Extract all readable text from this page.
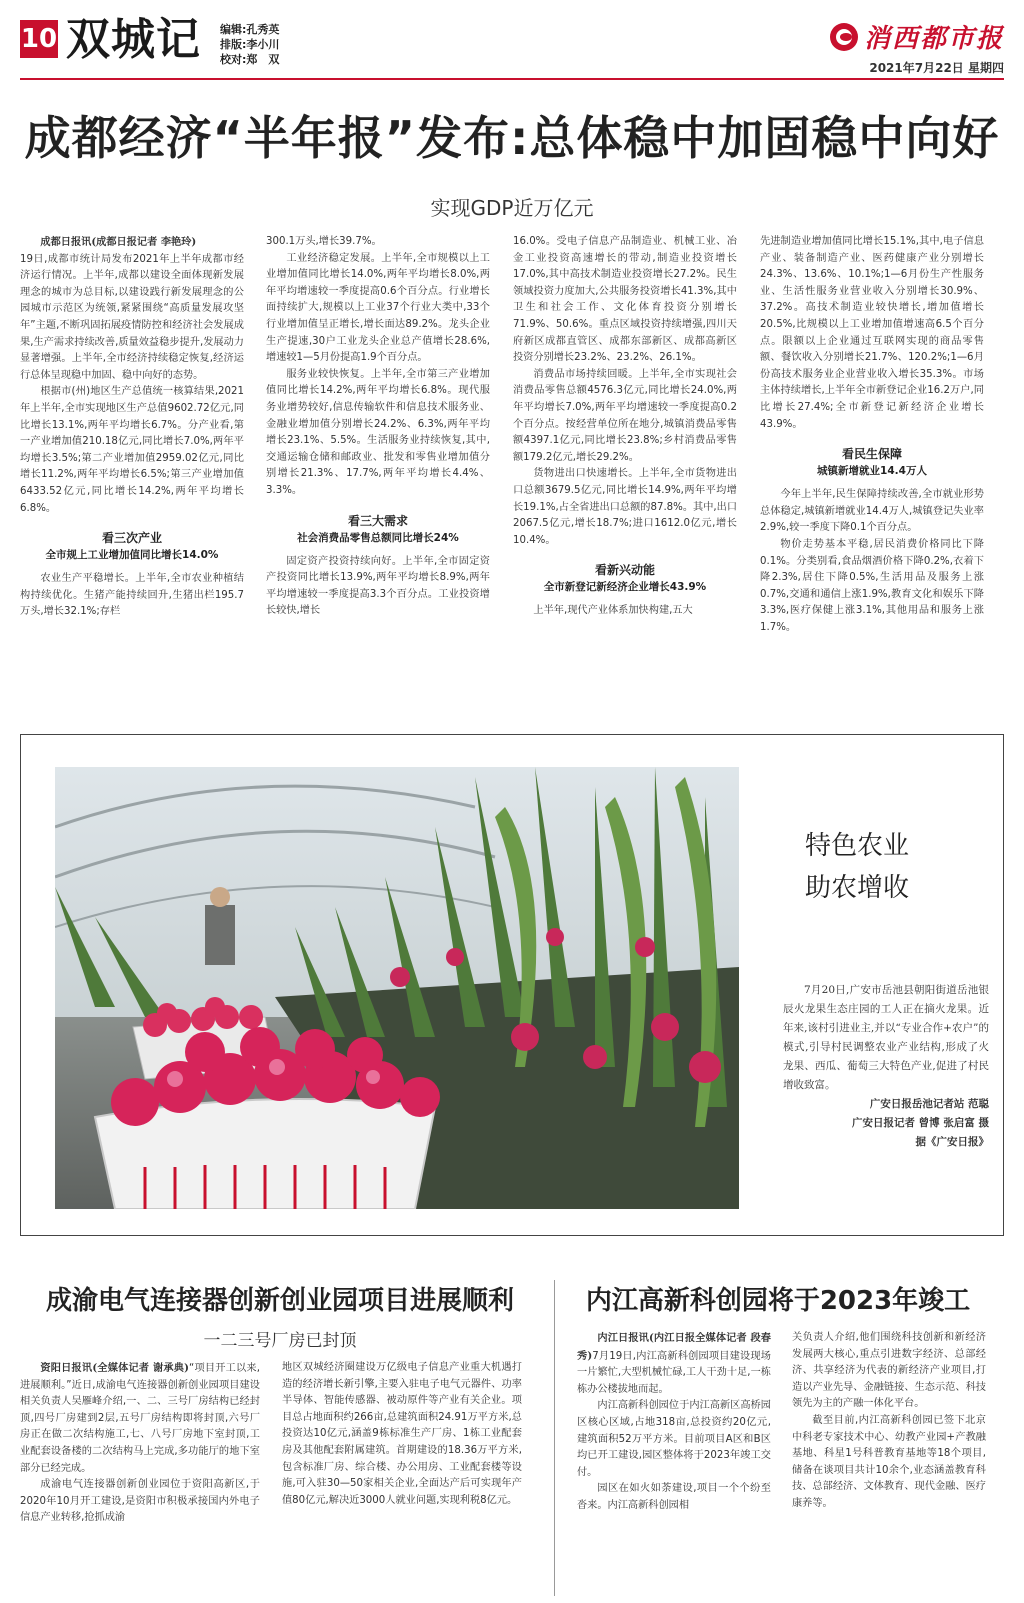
10 双城记 编辑:孔秀英
排版:李小川
校对:郑　双
消西都市报
2021年7月22日 星期四
成都经济“半年报”发布:总体稳中加固稳中向好
实现GDP近万亿元

成都日报讯(成都日报记者 李艳玲)

19日,成都市统计局发布2021年上半年成都市经济运行情况。上半年,成都以建设全面体现新发展理念的城市为总目标,以建设践行新发展理念的公园城市示范区为统领,紧紧围绕“高质量发展攻坚年”主题,不断巩固拓展疫情防控和经济社会发展成果,生产需求持续改善,质量效益稳步提升,发展动力显著增强。上半年,全市经济持续稳定恢复,经济运行总体呈现稳中加固、稳中向好的态势。

根据市(州)地区生产总值统一核算结果,2021年上半年,全市实现地区生产总值9602.72亿元,同比增长13.1%,两年平均增长6.7%。分产业看,第一产业增加值210.18亿元,同比增长7.0%,两年平均增长3.5%;第二产业增加值2959.02亿元,同比增长11.2%,两年平均增长6.5%;第三产业增加值6433.52亿元,同比增长14.2%,两年平均增长6.8%。

看三次产业
全市规上工业增加值同比增长14.0%

农业生产平稳增长。上半年,全市农业种植结构持续优化。生猪产能持续回升,生猪出栏195.7万头,增长32.1%;存栏

300.1万头,增长39.7%。

工业经济稳定发展。上半年,全市规模以上工业增加值同比增长14.0%,两年平均增长8.0%,两年平均增速较一季度提高0.6个百分点。行业增长面持续扩大,规模以上工业37个行业大类中,33个行业增加值呈正增长,增长面达89.2%。龙头企业生产提速,30户工业龙头企业总产值增长28.6%,增速较1—5月份提高1.9个百分点。

服务业较快恢复。上半年,全市第三产业增加值同比增长14.2%,两年平均增长6.8%。现代服务业增势较好,信息传输软件和信息技术服务业、金融业增加值分别增长24.2%、6.3%,两年平均增长23.1%、5.5%。生活服务业持续恢复,其中,交通运输仓储和邮政业、批发和零售业增加值分别增长21.3%、17.7%,两年平均增长4.4%、3.3%。

看三大需求
社会消费品零售总额同比增长24%

固定资产投资持续向好。上半年,全市固定资产投资同比增长13.9%,两年平均增长8.9%,两年平均增速较一季度提高3.3个百分点。工业投资增长较快,增长

16.0%。受电子信息产品制造业、机械工业、冶金工业投资高速增长的带动,制造业投资增长17.0%,其中高技术制造业投资增长27.2%。民生领域投资力度加大,公共服务投资增长41.3%,其中卫生和社会工作、文化体育投资分别增长71.9%、50.6%。重点区域投资持续增强,四川天府新区成都直管区、成都东部新区、成都高新区投资分别增长23.2%、23.2%、26.1%。

消费品市场持续回暖。上半年,全市实现社会消费品零售总额4576.3亿元,同比增长24.0%,两年平均增长7.0%,两年平均增速较一季度提高0.2个百分点。按经营单位所在地分,城镇消费品零售额4397.1亿元,同比增长23.8%;乡村消费品零售额179.2亿元,增长29.2%。

货物进出口快速增长。上半年,全市货物进出口总额3679.5亿元,同比增长14.9%,两年平均增长19.1%,占全省进出口总额的87.8%。其中,出口2067.5亿元,增长18.7%;进口1612.0亿元,增长10.4%。

看新兴动能
全市新登记新经济企业增长43.9%

上半年,现代产业体系加快构建,五大

先进制造业增加值同比增长15.1%,其中,电子信息产业、装备制造产业、医药健康产业分别增长24.3%、13.6%、10.1%;1—6月份生产性服务业、生活性服务业营业收入分别增长30.9%、37.2%。高技术制造业较快增长,增加值增长20.5%,比规模以上工业增加值增速高6.5个百分点。限额以上企业通过互联网实现的商品零售额、餐饮收入分别增长21.7%、120.2%;1—6月份高技术服务业企业营业收入增长35.3%。市场主体持续增长,上半年全市新登记企业16.2万户,同比增长27.4%;全市新登记新经济企业增长43.9%。

看民生保障
城镇新增就业14.4万人

今年上半年,民生保障持续改善,全市就业形势总体稳定,城镇新增就业14.4万人,城镇登记失业率2.9%,较一季度下降0.1个百分点。

物价走势基本平稳,居民消费价格同比下降0.1%。分类别看,食品烟酒价格下降0.2%,衣着下降2.3%,居住下降0.5%,生活用品及服务上涨0.7%,交通和通信上涨1.9%,教育文化和娱乐下降3.3%,医疗保健上涨3.1%,其他用品和服务上涨1.7%。

特色农业
助农增收

7月20日,广安市岳池县朝阳街道岳池银辰火龙果生态庄园的工人正在摘火龙果。近年来,该村引进业主,并以“专业合作+农户”的模式,引导村民调整农业产业结构,形成了火龙果、西瓜、葡萄三大特色产业,促进了村民增收致富。

广安日报岳池记者站 范聪

广安日报记者 曾博 张启富 摄

据《广安日报》

成渝电气连接器创新创业园项目进展顺利
一二三号厂房已封顶

资阳日报讯(全媒体记者 谢承典)“项目开工以来,进展顺利。”近日,成渝电气连接器创新创业园项目建设相关负责人吴雁峰介绍,一、二、三号厂房结构已经封顶,四号厂房建到2层,五号厂房结构即将封顶,六号厂房正在做二次结构施工,七、八号厂房地下室封顶,工业配套设备楼的二次结构马上完成,多功能厅的地下室部分已经完成。

成渝电气连接器创新创业园位于资阳高新区,于2020年10月开工建设,是资阳市积极承接国内外电子信息产业转移,抢抓成渝

地区双城经济圈建设万亿级电子信息产业重大机遇打造的经济增长新引擎,主要入驻电子电气元器件、功率半导体、智能传感器、被动原件等产业有关企业。项目总占地面积约266亩,总建筑面积24.91万平方米,总投资达10亿元,涵盖9栋标准生产厂房、1栋工业配套房及其他配套附属建筑。首期建设的18.36万平方米,包含标准厂房、综合楼、办公用房、工业配套楼等设施,可入驻30—50家相关企业,全面达产后可实现年产值80亿元,解决近3000人就业问题,实现利税8亿元。

内江高新科创园将于2023年竣工

内江日报讯(内江日报全媒体记者 段春秀)7月19日,内江高新科创园项目建设现场一片繁忙,大型机械忙碌,工人干劲十足,一栋栋办公楼拔地而起。

内江高新科创园位于内江高新区高桥园区核心区域,占地318亩,总投资约20亿元,建筑面积52万平方米。目前项目A区和B区均已开工建设,园区整体将于2023年竣工交付。

园区在如火如荼建设,项目一个个纷至沓来。内江高新科创园相

关负责人介绍,他们围绕科技创新和新经济发展两大核心,重点引进数字经济、总部经济、共享经济为代表的新经济产业项目,打造以产业先导、金融链接、生态示范、科技领先为主的产融一体化平台。

截至目前,内江高新科创园已签下北京中科老专家技术中心、幼教产业园+产教融基地、科星1号科普教育基地等18个项目,储备在谈项目共计10余个,业态涵盖教育科技、总部经济、文体教育、现代金融、医疗康养等。
